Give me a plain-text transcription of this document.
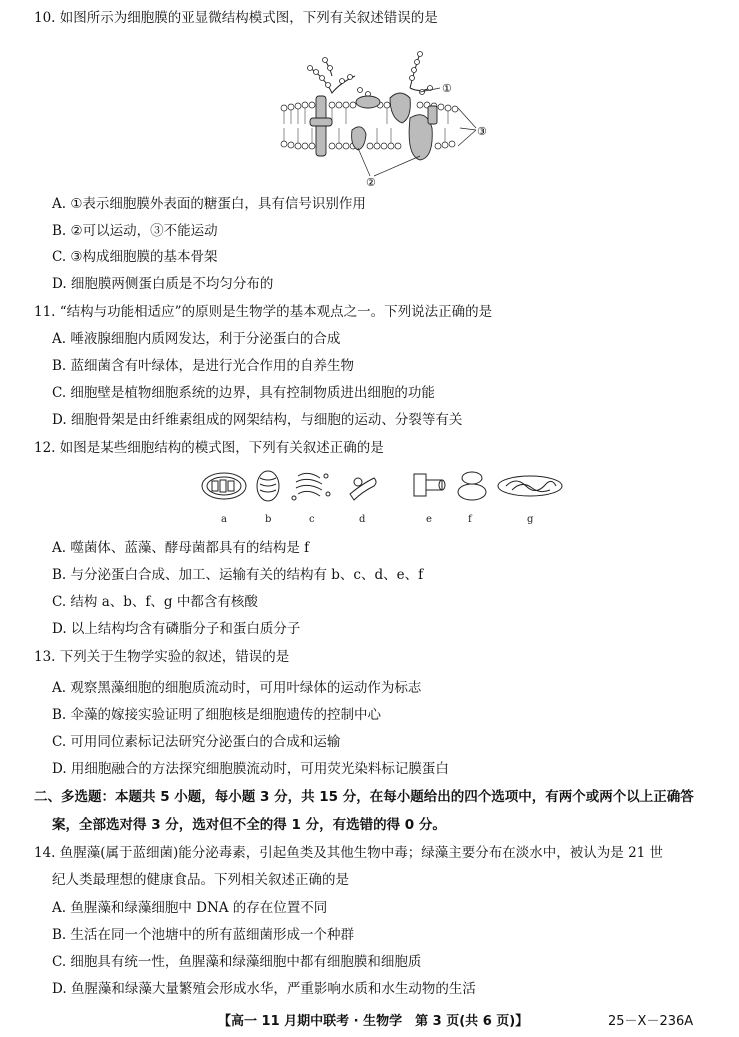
10. 如图所示为细胞膜的亚显微结构模式图，下列有关叙述错误的是
①
②
③
A. ①表示细胞膜外表面的糖蛋白，具有信号识别作用
B. ②可以运动，③不能运动
C. ③构成细胞膜的基本骨架
D. 细胞膜两侧蛋白质是不均匀分布的
11. “结构与功能相适应”的原则是生物学的基本观点之一。下列说法正确的是
A. 唾液腺细胞内质网发达，利于分泌蛋白的合成
B. 蓝细菌含有叶绿体，是进行光合作用的自养生物
C. 细胞壁是植物细胞系统的边界，具有控制物质进出细胞的功能
D. 细胞骨架是由纤维素组成的网架结构，与细胞的运动、分裂等有关
12. 如图是某些细胞结构的模式图，下列有关叙述正确的是
a	b	c	d	e	f	g
A. 噬菌体、蓝藻、酵母菌都具有的结构是 f
B. 与分泌蛋白合成、加工、运输有关的结构有 b、c、d、e、f
C. 结构 a、b、f、g 中都含有核酸
D. 以上结构均含有磷脂分子和蛋白质分子
13. 下列关于生物学实验的叙述，错误的是
A. 观察黑藻细胞的细胞质流动时，可用叶绿体的运动作为标志
B. 伞藻的嫁接实验证明了细胞核是细胞遗传的控制中心
C. 可用同位素标记法研究分泌蛋白的合成和运输
D. 用细胞融合的方法探究细胞膜流动时，可用荧光染料标记膜蛋白
二、多选题：本题共 5 小题，每小题 3 分，共 15 分，在每小题给出的四个选项中，有两个或两个以上正确答
案，全部选对得 3 分，选对但不全的得 1 分，有选错的得 0 分。
14. 鱼腥藻(属于蓝细菌)能分泌毒素，引起鱼类及其他生物中毒；绿藻主要分布在淡水中，被认为是 21 世
纪人类最理想的健康食品。下列相关叙述正确的是
A. 鱼腥藻和绿藻细胞中 DNA 的存在位置不同
B. 生活在同一个池塘中的所有蓝细菌形成一个种群
C. 细胞具有统一性，鱼腥藻和绿藻细胞中都有细胞膜和细胞质
D. 鱼腥藻和绿藻大量繁殖会形成水华，严重影响水质和水生动物的生活
【高一 11 月期中联考 · 生物学　第 3 页(共 6 页)】	25－X－236A
